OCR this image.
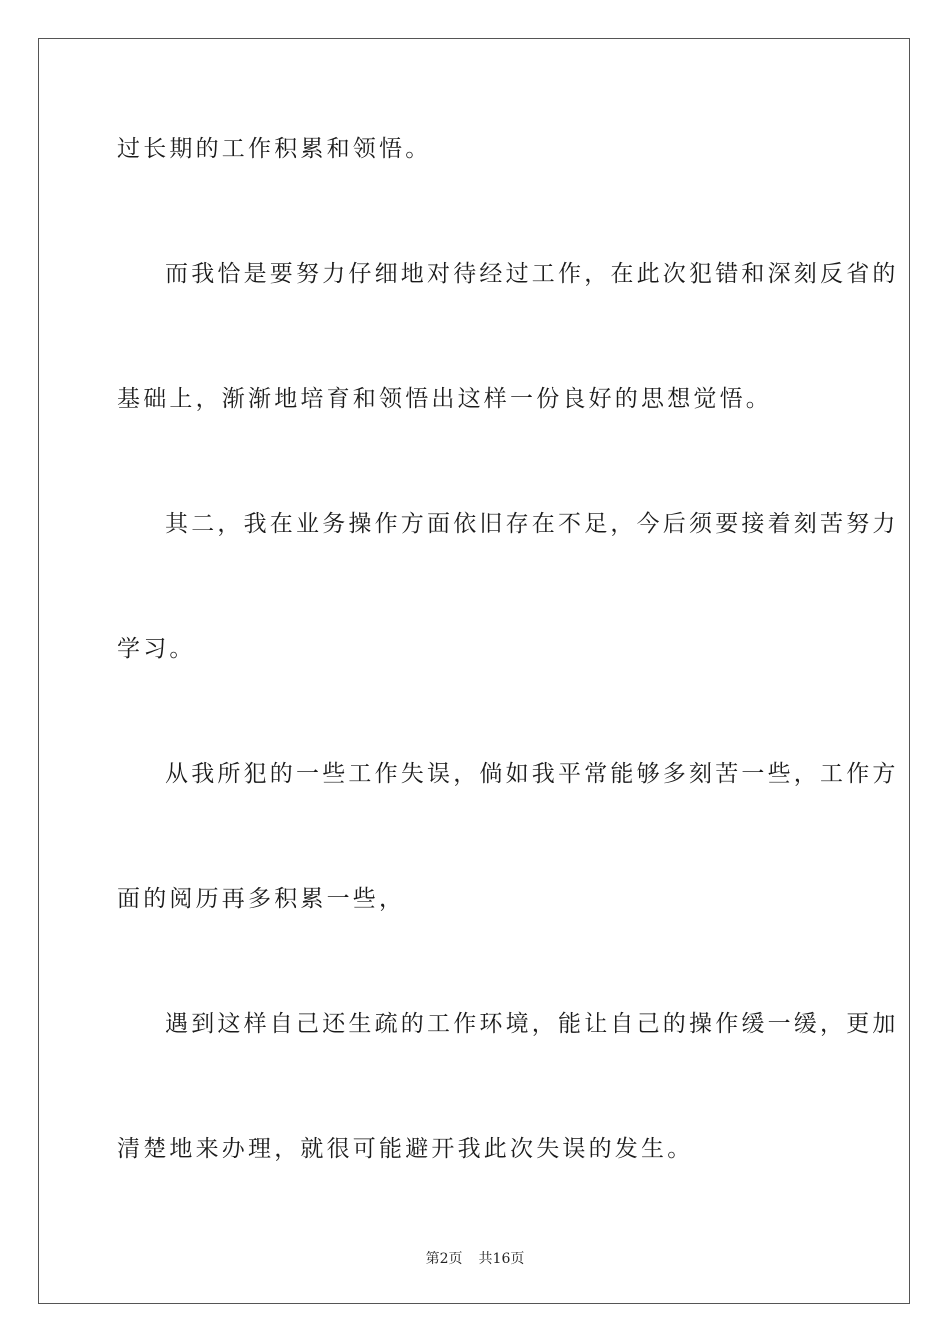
过长期的工作积累和领悟。
而我恰是要努力仔细地对待经过工作，在此次犯错和深刻反省的
基础上，渐渐地培育和领悟出这样一份良好的思想觉悟。
其二，我在业务操作方面依旧存在不足，今后须要接着刻苦努力
学习。
从我所犯的一些工作失误，倘如我平常能够多刻苦一些，工作方
面的阅历再多积累一些，
遇到这样自己还生疏的工作环境，能让自己的操作缓一缓，更加
清楚地来办理，就很可能避开我此次失误的发生。
第2页 共16页
